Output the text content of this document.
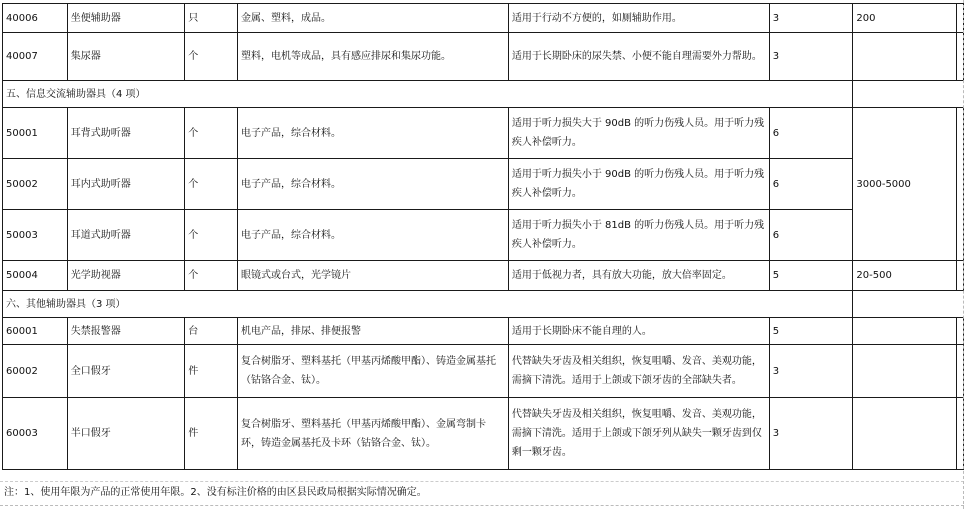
40006	坐便辅助器	只	金属、塑料，成品。	适用于行动不方便的，如厕辅助作用。	3	200	
40007	集尿器	个	塑料，电机等成品，具有感应排尿和集尿功能。	适用于长期卧床的尿失禁、小便不能自理需要外力帮助。	3		
五、信息交流辅助器具（4 项）							
50001	耳背式助听器	个	电子产品，综合材料。	适用于听力损失大于 90dB 的听力伤残人员。用于听力残疾人补偿听力。	6	3000-5000	
50002	耳内式助听器	个	电子产品，综合材料。	适用于听力损失小于 90dB 的听力伤残人员。用于听力残疾人补偿听力。	6		
50003	耳道式助听器	个	电子产品，综合材料。	适用于听力损失小于 81dB 的听力伤残人员。用于听力残疾人补偿听力。	6		
50004	光学助视器	个	眼镜式或台式，光学镜片	适用于低视力者，具有放大功能，放大倍率固定。	5	20-500	
六、其他辅助器具（3 项）							
60001	失禁报警器	台	机电产品，排尿、排便报警	适用于长期卧床不能自理的人。	5		
60002	全口假牙	件	复合树脂牙、塑料基托（甲基丙烯酸甲酯）、铸造金属基托（钴铬合金、钛）。	代替缺失牙齿及相关组织，恢复咀嚼、发音、美观功能，需摘下清洗。适用于上颌或下颌牙齿的全部缺失者。	3		
60003	半口假牙	件	复合树脂牙、塑料基托（甲基丙烯酸甲酯）、金属弯制卡环，铸造金属基托及卡环（钴铬合金、钛）。	代替缺失牙齿及相关组织，恢复咀嚼、发音、美观功能，需摘下清洗。适用于上颌或下颌牙列从缺失一颗牙齿到仅剩一颗牙齿。	3		
注：1、使用年限为产品的正常使用年限。2、没有标注价格的由区县民政局根据实际情况确定。
